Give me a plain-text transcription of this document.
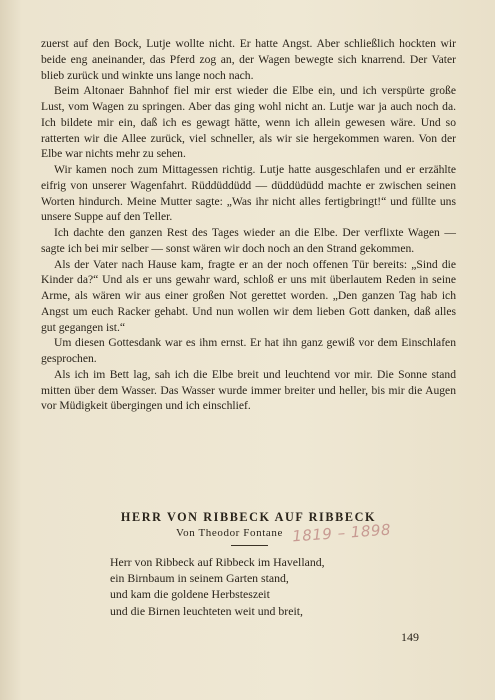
zuerst auf den Bock, Lutje wollte nicht. Er hatte Angst. Aber schließlich hockten wir beide eng aneinander, das Pferd zog an, der Wagen bewegte sich knarrend. Der Vater blieb zurück und winkte uns lange noch nach.

Beim Altonaer Bahnhof fiel mir erst wieder die Elbe ein, und ich verspürte große Lust, vom Wagen zu springen. Aber das ging wohl nicht an. Lutje war ja auch noch da. Ich bildete mir ein, daß ich es gewagt hätte, wenn ich allein gewesen wäre. Und so ratterten wir die Allee zurück, viel schneller, als wir sie hergekommen waren. Von der Elbe war nichts mehr zu sehen.

Wir kamen noch zum Mittagessen richtig. Lutje hatte ausgeschlafen und er erzählte eifrig von unserer Wagenfahrt. Rüddüddüdd — düddüdüdd machte er zwischen seinen Worten hindurch. Meine Mutter sagte: „Was ihr nicht alles fertigbringt!“ und füllte uns unsere Suppe auf den Teller.

Ich dachte den ganzen Rest des Tages wieder an die Elbe. Der verflixte Wagen — sagte ich bei mir selber — sonst wären wir doch noch an den Strand gekommen.

Als der Vater nach Hause kam, fragte er an der noch offenen Tür bereits: „Sind die Kinder da?“ Und als er uns gewahr ward, schloß er uns mit überlautem Reden in seine Arme, als wären wir aus einer großen Not gerettet worden. „Den ganzen Tag hab ich Angst um euch Racker gehabt. Und nun wollen wir dem lieben Gott danken, daß alles gut gegangen ist.“

Um diesen Gottesdank war es ihm ernst. Er hat ihn ganz gewiß vor dem Einschlafen gesprochen.

Als ich im Bett lag, sah ich die Elbe breit und leuchtend vor mir. Die Sonne stand mitten über dem Wasser. Das Wasser wurde immer breiter und heller, bis mir die Augen vor Müdigkeit übergingen und ich einschlief.

HERR VON RIBBECK AUF RIBBECK
Von Theodor Fontane 1819 – 1898
Herr von Ribbeck auf Ribbeck im Havelland,
ein Birnbaum in seinem Garten stand,
und kam die goldene Herbsteszeit
und die Birnen leuchteten weit und breit,

149
